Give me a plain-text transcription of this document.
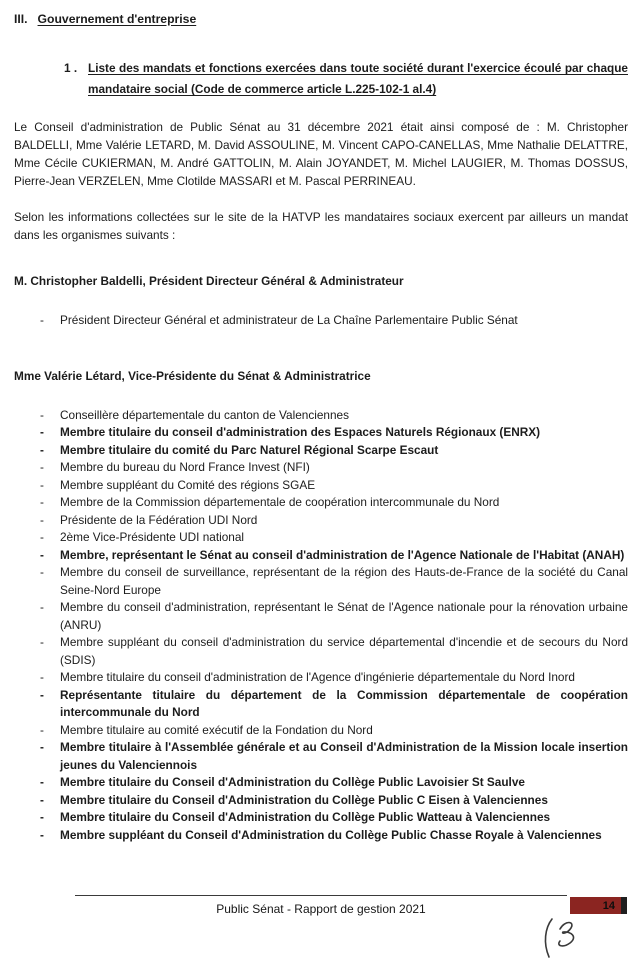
III. Gouvernement d'entreprise
1 . Liste des mandats et fonctions exercées dans toute société durant l'exercice écoulé par chaque mandataire social (Code de commerce article L.225-102-1 al.4)

Le Conseil d'administration de Public Sénat au 31 décembre 2021 était ainsi composé de : M. Christopher BALDELLI, Mme Valérie LETARD, M. David ASSOULINE, M. Vincent CAPO-CANELLAS, Mme Nathalie DELATTRE, Mme Cécile CUKIERMAN, M. André GATTOLIN, M. Alain JOYANDET, M. Michel LAUGIER, M. Thomas DOSSUS, Pierre-Jean VERZELEN, Mme Clotilde MASSARI et M. Pascal PERRINEAU.

Selon les informations collectées sur le site de la HATVP les mandataires sociaux exercent par ailleurs un mandat dans les organismes suivants :

M. Christopher Baldelli, Président Directeur Général & Administrateur
-	Président Directeur Général et administrateur de La Chaîne Parlementaire Public Sénat
Mme Valérie Létard, Vice-Présidente du Sénat & Administratrice
-	Conseillère départementale du canton de Valenciennes
-	Membre titulaire du conseil d'administration des Espaces Naturels Régionaux (ENRX)
-	Membre titulaire du comité du Parc Naturel Régional Scarpe Escaut
-	Membre du bureau du Nord France Invest (NFI)
-	Membre suppléant du Comité des régions SGAE
-	Membre de la Commission départementale de coopération intercommunale du Nord
-	Présidente de la Fédération UDI Nord
-	2ème Vice-Présidente UDI national
-	Membre, représentant le Sénat au conseil d'administration de l'Agence Nationale de l'Habitat (ANAH)
-	Membre du conseil de surveillance, représentant de la région des Hauts-de-France de la société du Canal Seine-Nord Europe
-	Membre du conseil d'administration, représentant le Sénat de l'Agence nationale pour la rénovation urbaine (ANRU)
-	Membre suppléant du conseil d'administration du service départemental d'incendie et de secours du Nord (SDIS)
-	Membre titulaire du conseil d'administration de l'Agence d'ingénierie départementale du Nord Inord
-	Représentante titulaire du département de la Commission départementale de coopération intercommunale du Nord
-	Membre titulaire au comité exécutif de la Fondation du Nord
-	Membre titulaire à l'Assemblée générale et au Conseil d'Administration de la Mission locale insertion jeunes du Valenciennois
-	Membre titulaire du Conseil d'Administration du Collège Public Lavoisier St Saulve
-	Membre titulaire du Conseil d'Administration du Collège Public C Eisen à Valenciennes
-	Membre titulaire du Conseil d'Administration du Collège Public Watteau à Valenciennes
-	Membre suppléant du Conseil d'Administration du Collège Public Chasse Royale à Valenciennes
Public Sénat - Rapport de gestion 2021	14
